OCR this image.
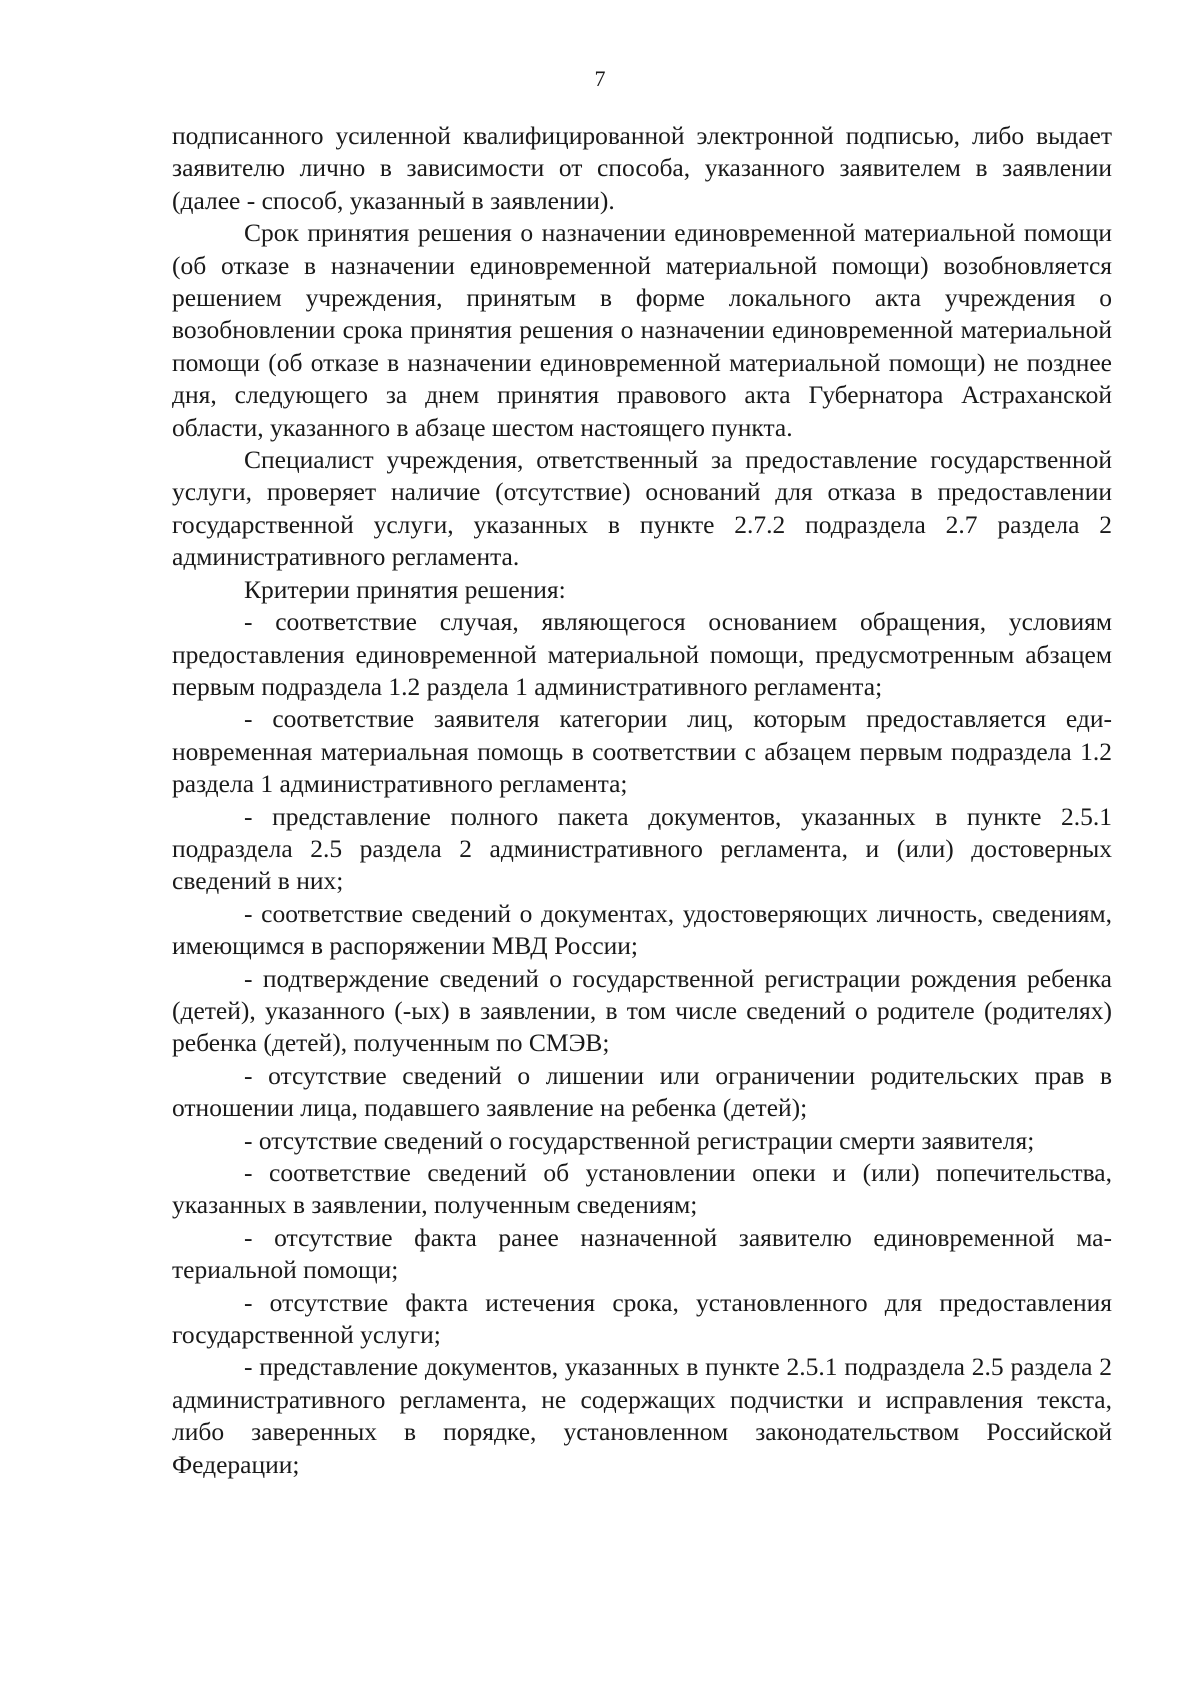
7

подписанного усиленной квалифицированной электронной подписью, либо выдает заявителю лично в зависимости от способа, указанного заявителем в заявлении (далее - способ, указанный в заявлении).

Срок принятия решения о назначении единовременной материальной помощи (об отказе в назначении единовременной материальной помощи) возобновляется решением учреждения, принятым в форме локального акта учреждения о возобновлении срока принятия решения о назначении единовременной материальной помощи (об отказе в назначении единовременной материальной помощи) не позднее дня, следующего за днем принятия правового акта Губернатора Астраханской области, указанного в абзаце шестом настоящего пункта.

Специалист учреждения, ответственный за предоставление государственной услуги, проверяет наличие (отсутствие) оснований для отказа в предоставлении государственной услуги, указанных в пункте 2.7.2 подраздела 2.7 раздела 2 административного регламента.

Критерии принятия решения:

- соответствие случая, являющегося основанием обращения, условиям предоставления единовременной материальной помощи, предусмотренным абзацем первым подраздела 1.2 раздела 1 административного регламента;

- соответствие заявителя категории лиц, которым предоставляется единовременная материальная помощь в соответствии с абзацем первым подраздела 1.2 раздела 1 административного регламента;

- представление полного пакета документов, указанных в пункте 2.5.1 подраздела 2.5 раздела 2 административного регламента, и (или) достоверных сведений в них;

- соответствие сведений о документах, удостоверяющих личность, сведениям, имеющимся в распоряжении МВД России;

- подтверждение сведений о государственной регистрации рождения ребенка (детей), указанного (-ых) в заявлении, в том числе сведений о родителе (родителях) ребенка (детей), полученным по СМЭВ;

- отсутствие сведений о лишении или ограничении родительских прав в отношении лица, подавшего заявление на ребенка (детей);

- отсутствие сведений о государственной регистрации смерти заявителя;

- соответствие сведений об установлении опеки и (или) попечительства, указанных в заявлении, полученным сведениям;

- отсутствие факта ранее назначенной заявителю единовременной материальной помощи;

- отсутствие факта истечения срока, установленного для предоставления государственной услуги;

- представление документов, указанных в пункте 2.5.1 подраздела 2.5 раздела 2 административного регламента, не содержащих подчистки и исправления текста, либо заверенных в порядке, установленном законодательством Российской Федерации;
